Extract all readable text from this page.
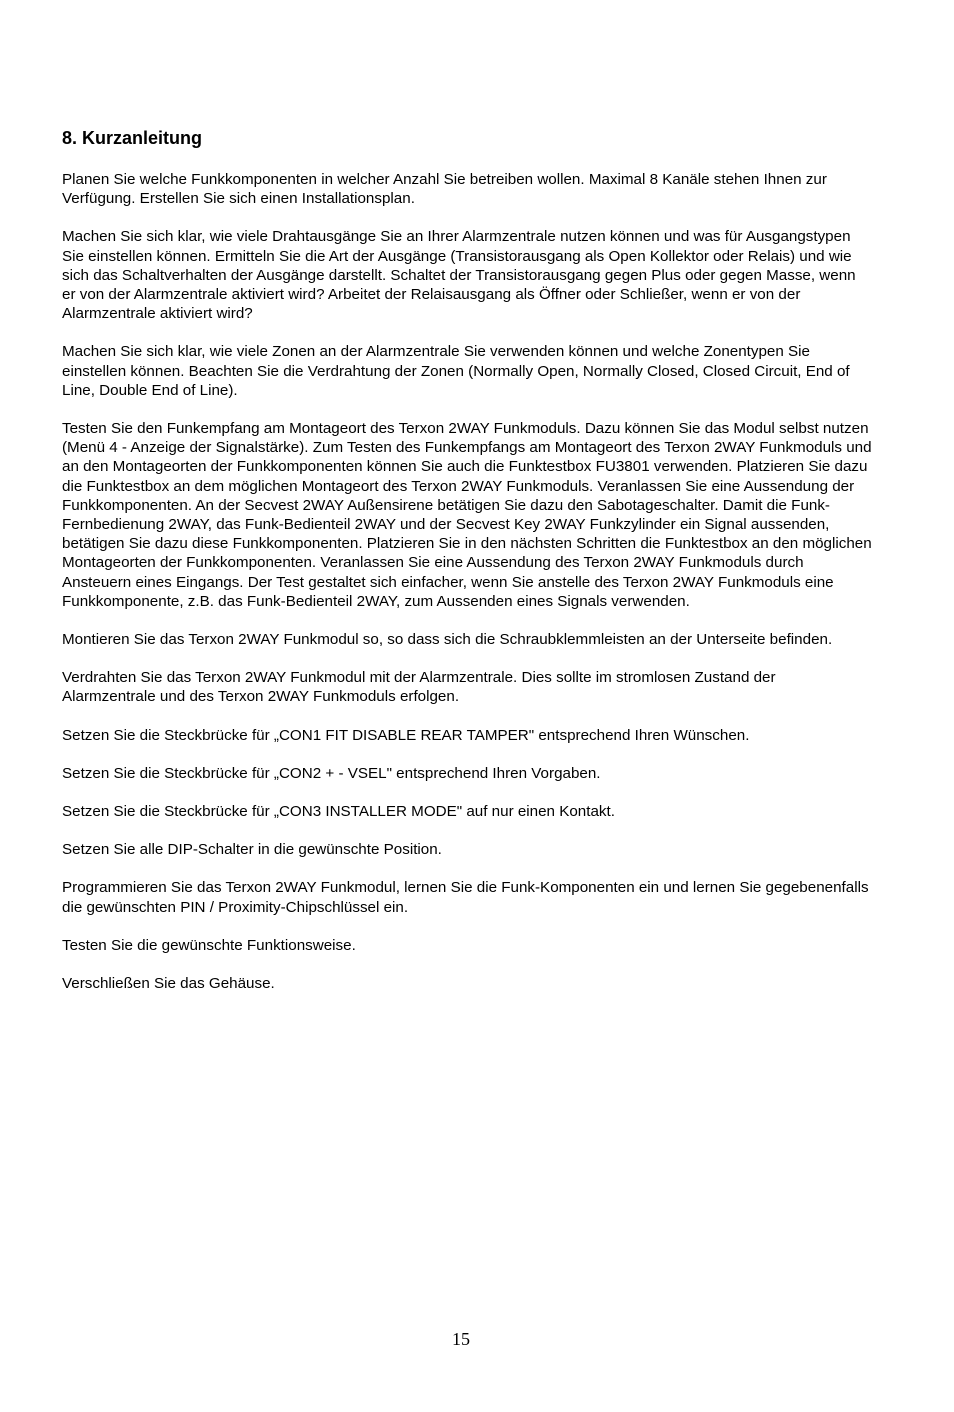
8. Kurzanleitung

Planen Sie welche Funkkomponenten in welcher Anzahl Sie betreiben wollen. Maximal 8 Kanäle stehen Ihnen zur Verfügung. Erstellen Sie sich einen Installationsplan.

Machen Sie sich klar, wie viele Drahtausgänge Sie an Ihrer Alarmzentrale nutzen können und was für Ausgangstypen Sie einstellen können. Ermitteln Sie die Art der Ausgänge (Transistorausgang als Open Kollektor oder Relais) und wie sich das Schaltverhalten der Ausgänge darstellt. Schaltet der Transistorausgang gegen Plus oder gegen Masse, wenn er von der Alarmzentrale aktiviert wird? Arbeitet der Relaisausgang als Öffner oder Schließer, wenn er von der Alarmzentrale aktiviert wird?

Machen Sie sich klar, wie viele Zonen an der Alarmzentrale Sie verwenden können und welche Zonentypen Sie einstellen können. Beachten Sie die Verdrahtung der Zonen (Normally Open, Normally Closed, Closed Circuit, End of Line, Double End of Line).

Testen Sie den Funkempfang am Montageort des Terxon 2WAY Funkmoduls. Dazu können Sie das Modul selbst nutzen (Menü 4 - Anzeige der Signalstärke). Zum Testen des Funkempfangs am Montageort des Terxon 2WAY Funkmoduls und an den Montageorten der Funkkomponenten können Sie auch die Funktestbox FU3801 verwenden. Platzieren Sie dazu die Funktestbox an dem möglichen Montageort des Terxon 2WAY Funkmoduls. Veranlassen Sie eine Aussendung der Funkkomponenten. An der Secvest 2WAY Außensirene betätigen Sie dazu den Sabotageschalter. Damit die Funk-Fernbedienung 2WAY, das Funk-Bedienteil 2WAY und der Secvest Key 2WAY Funkzylinder ein Signal aussenden, betätigen Sie dazu diese Funkkomponenten. Platzieren Sie in den nächsten Schritten die Funktestbox an den möglichen Montageorten der Funkkomponenten. Veranlassen Sie eine Aussendung des Terxon 2WAY Funkmoduls durch Ansteuern eines Eingangs. Der Test gestaltet sich einfacher, wenn Sie anstelle des Terxon 2WAY Funkmoduls eine Funkkomponente, z.B. das Funk-Bedienteil 2WAY, zum Aussenden eines Signals verwenden.

Montieren Sie das Terxon 2WAY Funkmodul so, so dass sich die Schraubklemmleisten an der Unterseite befinden.

Verdrahten Sie das Terxon 2WAY Funkmodul mit der Alarmzentrale. Dies sollte im stromlosen Zustand der Alarmzentrale und des Terxon 2WAY Funkmoduls erfolgen.

Setzen Sie die Steckbrücke für „CON1 FIT DISABLE REAR TAMPER" entsprechend Ihren Wünschen.

Setzen Sie die Steckbrücke für „CON2 + - VSEL" entsprechend Ihren Vorgaben.

Setzen Sie die Steckbrücke für „CON3 INSTALLER MODE" auf nur einen Kontakt.

Setzen Sie alle DIP-Schalter in die gewünschte Position.

Programmieren Sie das Terxon 2WAY Funkmodul, lernen Sie die Funk-Komponenten ein und lernen Sie gegebenenfalls die gewünschten PIN / Proximity-Chipschlüssel ein.

Testen Sie die gewünschte Funktionsweise.

Verschließen Sie das Gehäuse.

15
